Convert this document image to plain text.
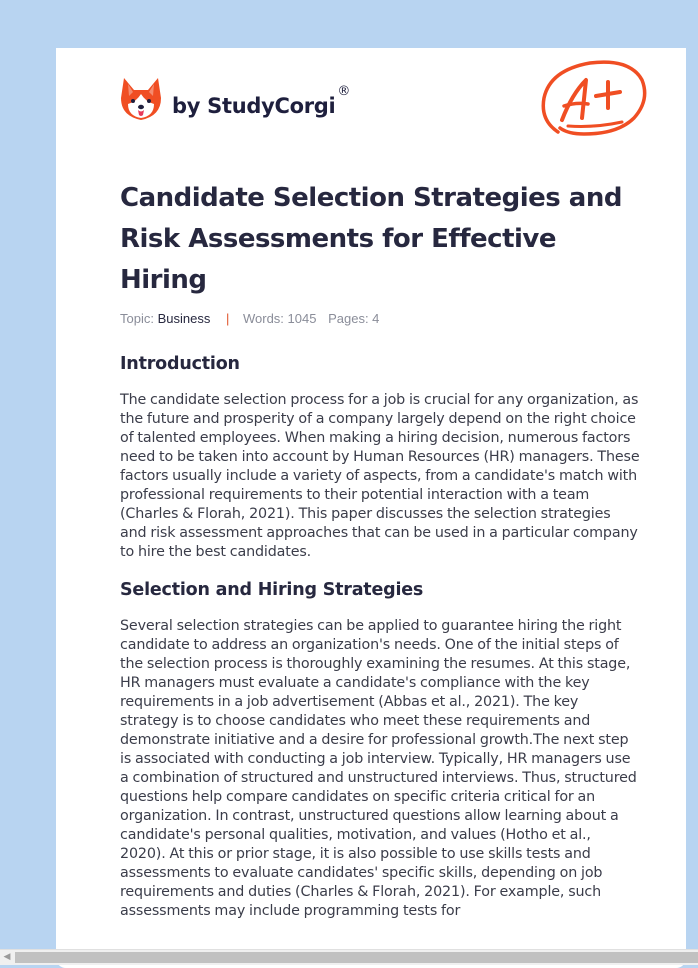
by StudyCorgi®
Candidate Selection Strategies and Risk Assessments for Effective Hiring
Topic: Business | Words: 1045 Pages: 4
Introduction

The candidate selection process for a job is crucial for any organization, as the future and prosperity of a company largely depend on the right choice of talented employees. When making a hiring decision, numerous factors need to be taken into account by Human Resources (HR) managers. These factors usually include a variety of aspects, from a candidate's match with professional requirements to their potential interaction with a team (Charles & Florah, 2021). This paper discusses the selection strategies and risk assessment approaches that can be used in a particular company to hire the best candidates.

Selection and Hiring Strategies

Several selection strategies can be applied to guarantee hiring the right candidate to address an organization's needs. One of the initial steps of the selection process is thoroughly examining the resumes. At this stage, HR managers must evaluate a candidate's compliance with the key requirements in a job advertisement (Abbas et al., 2021). The key strategy is to choose candidates who meet these requirements and demonstrate initiative and a desire for professional growth.The next step is associated with conducting a job interview. Typically, HR managers use a combination of structured and unstructured interviews. Thus, structured questions help compare candidates on specific criteria critical for an organization. In contrast, unstructured questions allow learning about a candidate's personal qualities, motivation, and values (Hotho et al., 2020). At this or prior stage, it is also possible to use skills tests and assessments to evaluate candidates' specific skills, depending on job requirements and duties (Charles & Florah, 2021). For example, such assessments may include programming tests for

◀
